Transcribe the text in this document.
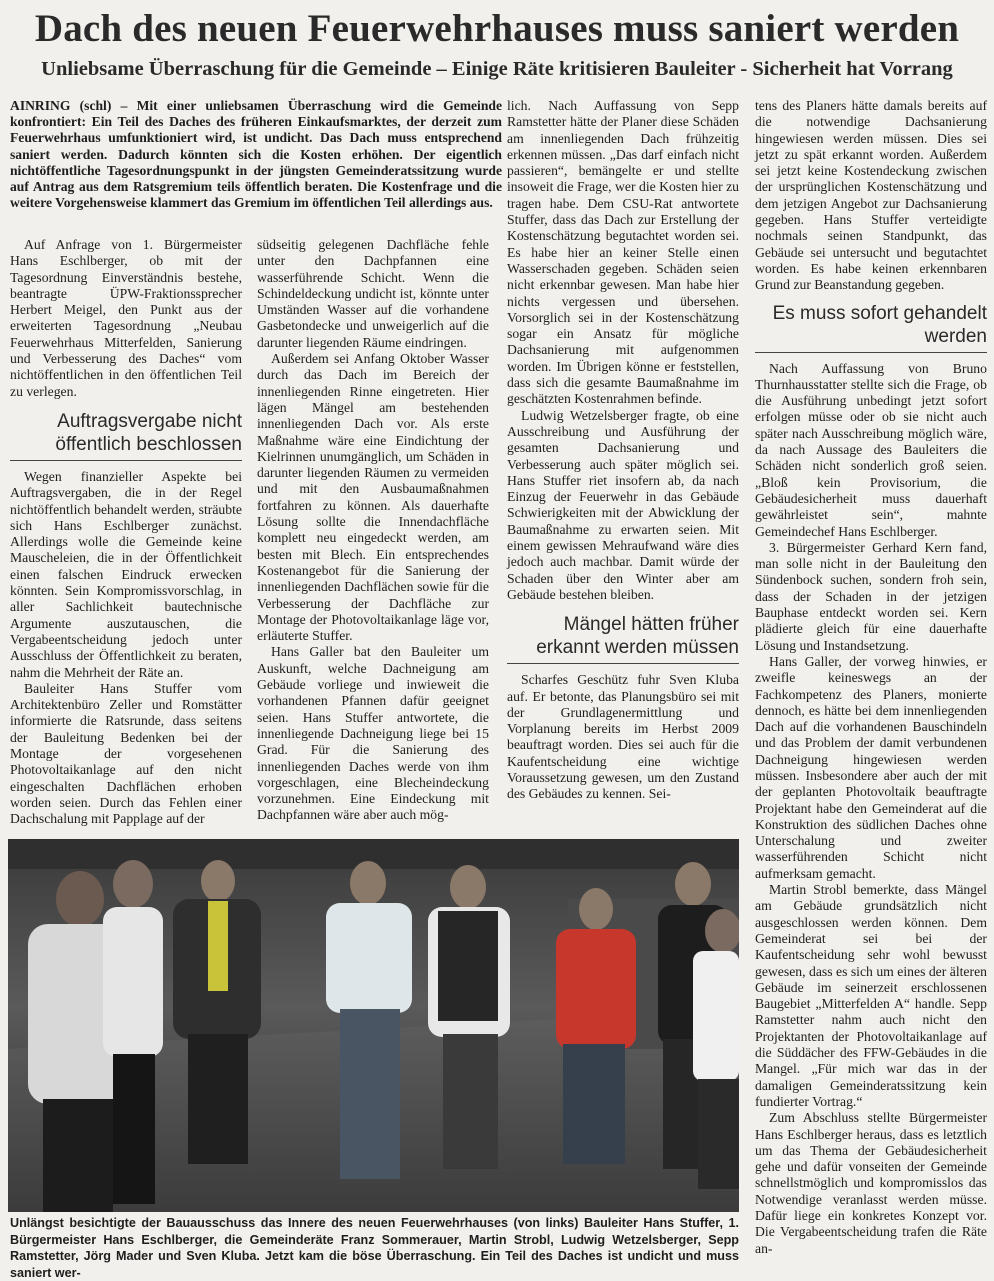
Dach des neuen Feuerwehrhauses muss saniert werden
Unliebsame Überraschung für die Gemeinde – Einige Räte kritisieren Bauleiter - Sicherheit hat Vorrang
AINRING (schl) – Mit einer unliebsamen Überraschung wird die Gemeinde konfrontiert: Ein Teil des Daches des früheren Einkaufsmarktes, der derzeit zum Feuerwehrhaus umfunktioniert wird, ist undicht. Das Dach muss entsprechend saniert werden. Dadurch könnten sich die Kosten erhöhen. Der eigentlich nichtöffentliche Tagesordnungspunkt in der jüngsten Gemeinderatssitzung wurde auf Antrag aus dem Ratsgremium teils öffentlich beraten. Die Kostenfrage und die weitere Vorgehensweise klammert das Gremium im öffentlichen Teil allerdings aus.

Auf Anfrage von 1. Bürgermeister Hans Eschlberger, ob mit der Tagesordnung Einverständnis bestehe, beantragte ÜPW-Fraktionssprecher Herbert Meigel, den Punkt aus der erweiterten Tagesordnung „Neubau Feuerwehrhaus Mitterfelden, Sanierung und Verbesserung des Daches“ vom nichtöffentlichen in den öffentlichen Teil zu verlegen.

Auftragsvergabe nicht öffentlich beschlossen

Wegen finanzieller Aspekte bei Auftragsvergaben, die in der Regel nichtöffentlich behandelt werden, sträubte sich Hans Eschlberger zunächst. Allerdings wolle die Gemeinde keine Mauscheleien, die in der Öffentlichkeit einen falschen Eindruck erwecken könnten. Sein Kompromissvorschlag, in aller Sachlichkeit bautechnische Argumente auszutauschen, die Vergabeentscheidung jedoch unter Ausschluss der Öffentlichkeit zu beraten, nahm die Mehrheit der Räte an.

Bauleiter Hans Stuffer vom Architektenbüro Zeller und Romstätter informierte die Ratsrunde, dass seitens der Bauleitung Bedenken bei der Montage der vorgesehenen Photovoltaikanlage auf den nicht eingeschalten Dachflächen erhoben worden seien. Durch das Fehlen einer Dachschalung mit Papplage auf der

südseitig gelegenen Dachfläche fehle unter den Dachpfannen eine wasserführende Schicht. Wenn die Schindeldeckung undicht ist, könnte unter Umständen Wasser auf die vorhandene Gasbetondecke und unweigerlich auf die darunter liegenden Räume eindringen.

Außerdem sei Anfang Oktober Wasser durch das Dach im Bereich der innenliegenden Rinne eingetreten. Hier lägen Mängel am bestehenden innenliegenden Dach vor. Als erste Maßnahme wäre eine Eindichtung der Kielrinnen unumgänglich, um Schäden in darunter liegenden Räumen zu vermeiden und mit den Ausbaumaßnahmen fortfahren zu können. Als dauerhafte Lösung sollte die Innendachfläche komplett neu eingedeckt werden, am besten mit Blech. Ein entsprechendes Kostenangebot für die Sanierung der innenliegenden Dachflächen sowie für die Verbesserung der Dachfläche zur Montage der Photovoltaikanlage läge vor, erläuterte Stuffer.

Hans Galler bat den Bauleiter um Auskunft, welche Dachneigung am Gebäude vorliege und inwieweit die vorhandenen Pfannen dafür geeignet seien. Hans Stuffer antwortete, die innenliegende Dachneigung liege bei 15 Grad. Für die Sanierung des innenliegenden Daches werde von ihm vorgeschlagen, eine Blecheindeckung vorzunehmen. Eine Eindeckung mit Dachpfannen wäre aber auch mög-

lich. Nach Auffassung von Sepp Ramstetter hätte der Planer diese Schäden am innenliegenden Dach frühzeitig erkennen müssen. „Das darf einfach nicht passieren“, bemängelte er und stellte insoweit die Frage, wer die Kosten hier zu tragen habe. Dem CSU-Rat antwortete Stuffer, dass das Dach zur Erstellung der Kostenschätzung begutachtet worden sei. Es habe hier an keiner Stelle einen Wasserschaden gegeben. Schäden seien nicht erkennbar gewesen. Man habe hier nichts vergessen und übersehen. Vorsorglich sei in der Kostenschätzung sogar ein Ansatz für mögliche Dachsanierung mit aufgenommen worden. Im Übrigen könne er feststellen, dass sich die gesamte Baumaßnahme im geschätzten Kostenrahmen befinde.

Ludwig Wetzelsberger fragte, ob eine Ausschreibung und Ausführung der gesamten Dachsanierung und Verbesserung auch später möglich sei. Hans Stuffer riet insofern ab, da nach Einzug der Feuerwehr in das Gebäude Schwierigkeiten mit der Abwicklung der Baumaßnahme zu erwarten seien. Mit einem gewissen Mehraufwand wäre dies jedoch auch machbar. Damit würde der Schaden über den Winter aber am Gebäude bestehen bleiben.

Mängel hätten früher erkannt werden müssen

Scharfes Geschütz fuhr Sven Kluba auf. Er betonte, das Planungsbüro sei mit der Grundlagenermittlung und Vorplanung bereits im Herbst 2009 beauftragt worden. Dies sei auch für die Kaufentscheidung eine wichtige Voraussetzung gewesen, um den Zustand des Gebäudes zu kennen. Sei-

tens des Planers hätte damals bereits auf die notwendige Dachsanierung hingewiesen werden müssen. Dies sei jetzt zu spät erkannt worden. Außerdem sei jetzt keine Kostendeckung zwischen der ursprünglichen Kostenschätzung und dem jetzigen Angebot zur Dachsanierung gegeben. Hans Stuffer verteidigte nochmals seinen Standpunkt, das Gebäude sei untersucht und begutachtet worden. Es habe keinen erkennbaren Grund zur Beanstandung gegeben.

Es muss sofort gehandelt werden

Nach Auffassung von Bruno Thurnhausstatter stellte sich die Frage, ob die Ausführung unbedingt jetzt sofort erfolgen müsse oder ob sie nicht auch später nach Ausschreibung möglich wäre, da nach Aussage des Bauleiters die Schäden nicht sonderlich groß seien. „Bloß kein Provisorium, die Gebäudesicherheit muss dauerhaft gewährleistet sein“, mahnte Gemeindechef Hans Eschlberger.

3. Bürgermeister Gerhard Kern fand, man solle nicht in der Bauleitung den Sündenbock suchen, sondern froh sein, dass der Schaden in der jetzigen Bauphase entdeckt worden sei. Kern plädierte gleich für eine dauerhafte Lösung und Instandsetzung.

Hans Galler, der vorweg hinwies, er zweifle keineswegs an der Fachkompetenz des Planers, monierte dennoch, es hätte bei dem innenliegenden Dach auf die vorhandenen Bauschindeln und das Problem der damit verbundenen Dachneigung hingewiesen werden müssen. Insbesondere aber auch der mit der geplanten Photovoltaik beauftragte Projektant habe den Gemeinderat auf die Konstruktion des südlichen Daches ohne Unterschalung und zweiter wasserführenden Schicht nicht aufmerksam gemacht.

Martin Strobl bemerkte, dass Mängel am Gebäude grundsätzlich nicht ausgeschlossen werden können. Dem Gemeinderat sei bei der Kaufentscheidung sehr wohl bewusst gewesen, dass es sich um eines der älteren Gebäude im seinerzeit erschlossenen Baugebiet „Mitterfelden A“ handle. Sepp Ramstetter nahm auch nicht den Projektanten der Photovoltaikanlage auf die Süddächer des FFW-Gebäudes in die Mangel. „Für mich war das in der damaligen Gemeinderatssitzung kein fundierter Vortrag.“

Zum Abschluss stellte Bürgermeister Hans Eschlberger heraus, dass es letztlich um das Thema der Gebäudesicherheit gehe und dafür vonseiten der Gemeinde schnellstmöglich und kompromisslos das Notwendige veranlasst werden müsse. Dafür liege ein konkretes Konzept vor. Die Vergabeentscheidung trafen die Räte an-

Unlängst besichtigte der Bauausschuss das Innere des neuen Feuerwehrhauses (von links) Bauleiter Hans Stuffer, 1. Bürgermeister Hans Eschlberger, die Gemeinderäte Franz Sommerauer, Martin Strobl, Ludwig Wetzelsberger, Sepp Ramstetter, Jörg Mader und Sven Kluba. Jetzt kam die böse Überraschung. Ein Teil des Daches ist undicht und muss saniert wer-
